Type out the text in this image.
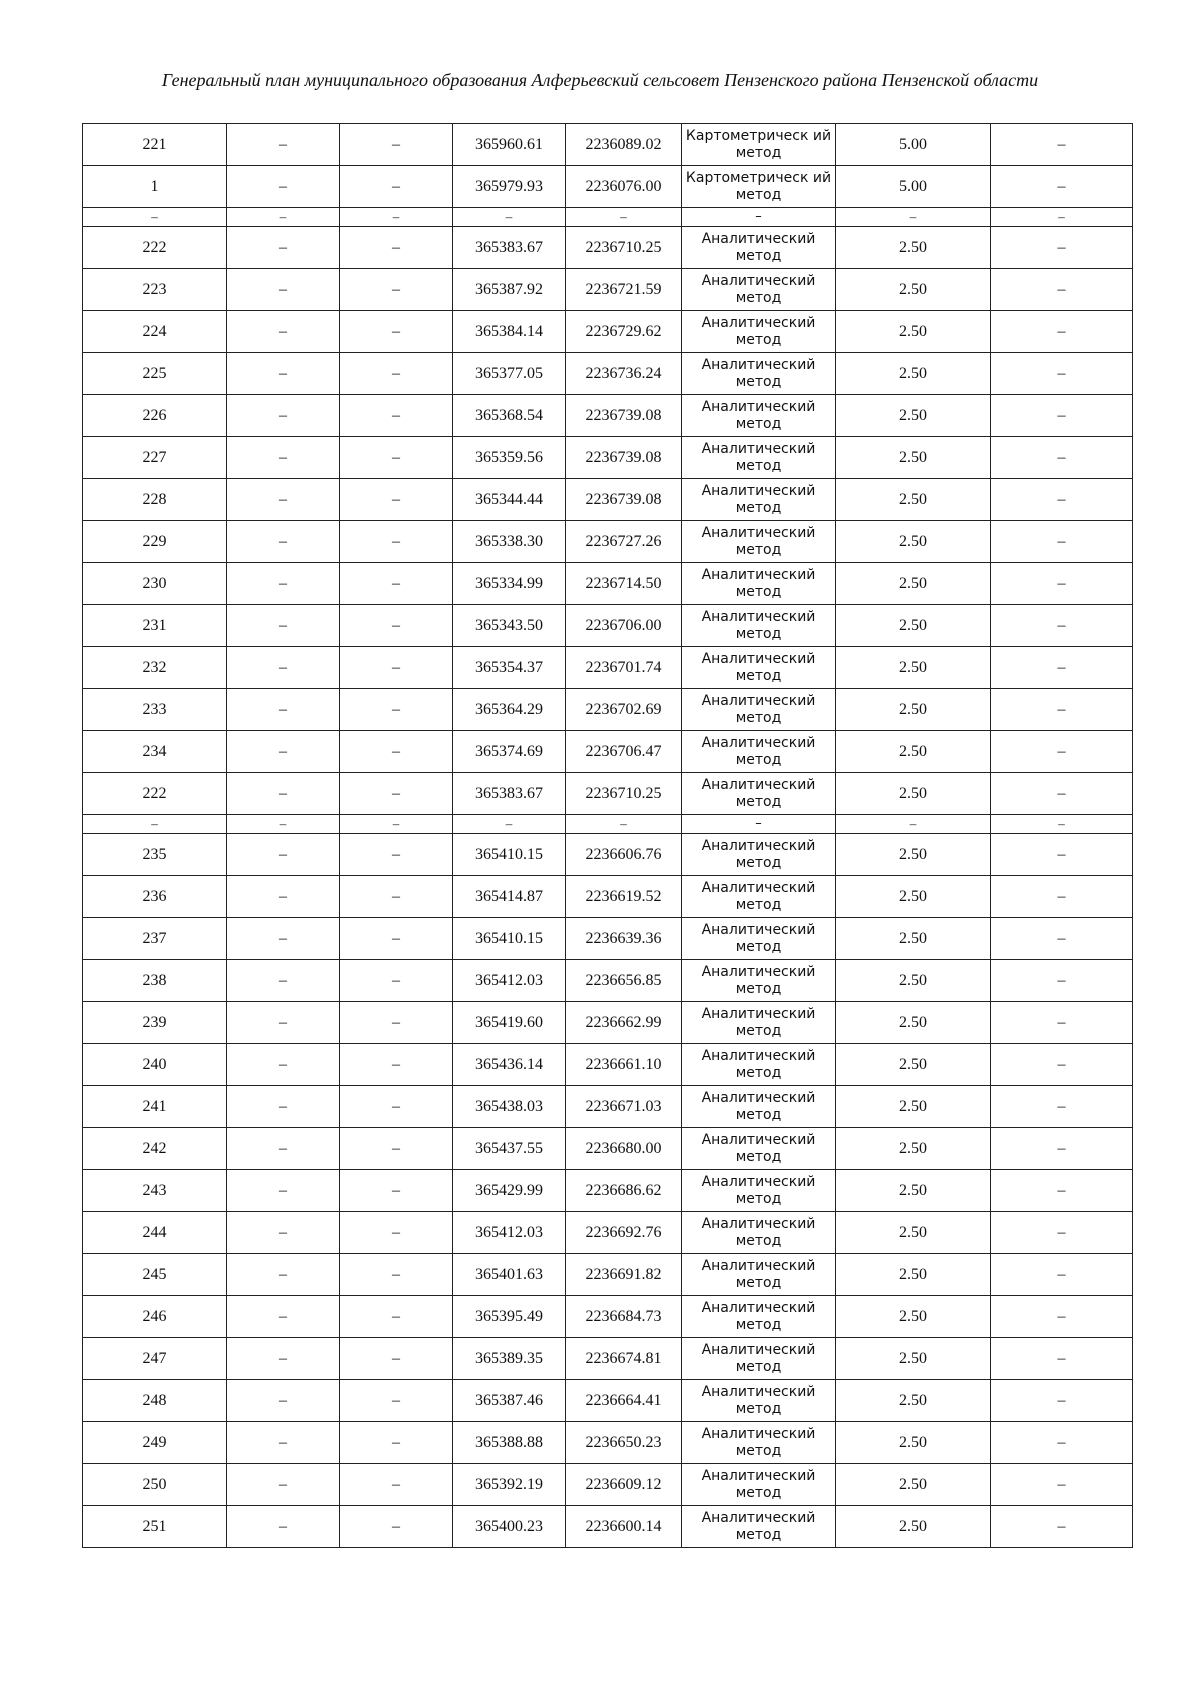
Генеральный план муниципального образования Алферьевский сельсовет Пензенского района Пензенской области
221	–	–	365960.61	2236089.02	Картометрическ ий метод	5.00	–
1	–	–	365979.93	2236076.00	Картометрическ ий метод	5.00	–
–	–	–	–	–	–	–	–
222	–	–	365383.67	2236710.25	Аналитический метод	2.50	–
223	–	–	365387.92	2236721.59	Аналитический метод	2.50	–
224	–	–	365384.14	2236729.62	Аналитический метод	2.50	–
225	–	–	365377.05	2236736.24	Аналитический метод	2.50	–
226	–	–	365368.54	2236739.08	Аналитический метод	2.50	–
227	–	–	365359.56	2236739.08	Аналитический метод	2.50	–
228	–	–	365344.44	2236739.08	Аналитический метод	2.50	–
229	–	–	365338.30	2236727.26	Аналитический метод	2.50	–
230	–	–	365334.99	2236714.50	Аналитический метод	2.50	–
231	–	–	365343.50	2236706.00	Аналитический метод	2.50	–
232	–	–	365354.37	2236701.74	Аналитический метод	2.50	–
233	–	–	365364.29	2236702.69	Аналитический метод	2.50	–
234	–	–	365374.69	2236706.47	Аналитический метод	2.50	–
222	–	–	365383.67	2236710.25	Аналитический метод	2.50	–
–	–	–	–	–	–	–	–
235	–	–	365410.15	2236606.76	Аналитический метод	2.50	–
236	–	–	365414.87	2236619.52	Аналитический метод	2.50	–
237	–	–	365410.15	2236639.36	Аналитический метод	2.50	–
238	–	–	365412.03	2236656.85	Аналитический метод	2.50	–
239	–	–	365419.60	2236662.99	Аналитический метод	2.50	–
240	–	–	365436.14	2236661.10	Аналитический метод	2.50	–
241	–	–	365438.03	2236671.03	Аналитический метод	2.50	–
242	–	–	365437.55	2236680.00	Аналитический метод	2.50	–
243	–	–	365429.99	2236686.62	Аналитический метод	2.50	–
244	–	–	365412.03	2236692.76	Аналитический метод	2.50	–
245	–	–	365401.63	2236691.82	Аналитический метод	2.50	–
246	–	–	365395.49	2236684.73	Аналитический метод	2.50	–
247	–	–	365389.35	2236674.81	Аналитический метод	2.50	–
248	–	–	365387.46	2236664.41	Аналитический метод	2.50	–
249	–	–	365388.88	2236650.23	Аналитический метод	2.50	–
250	–	–	365392.19	2236609.12	Аналитический метод	2.50	–
251	–	–	365400.23	2236600.14	Аналитический метод	2.50	–
